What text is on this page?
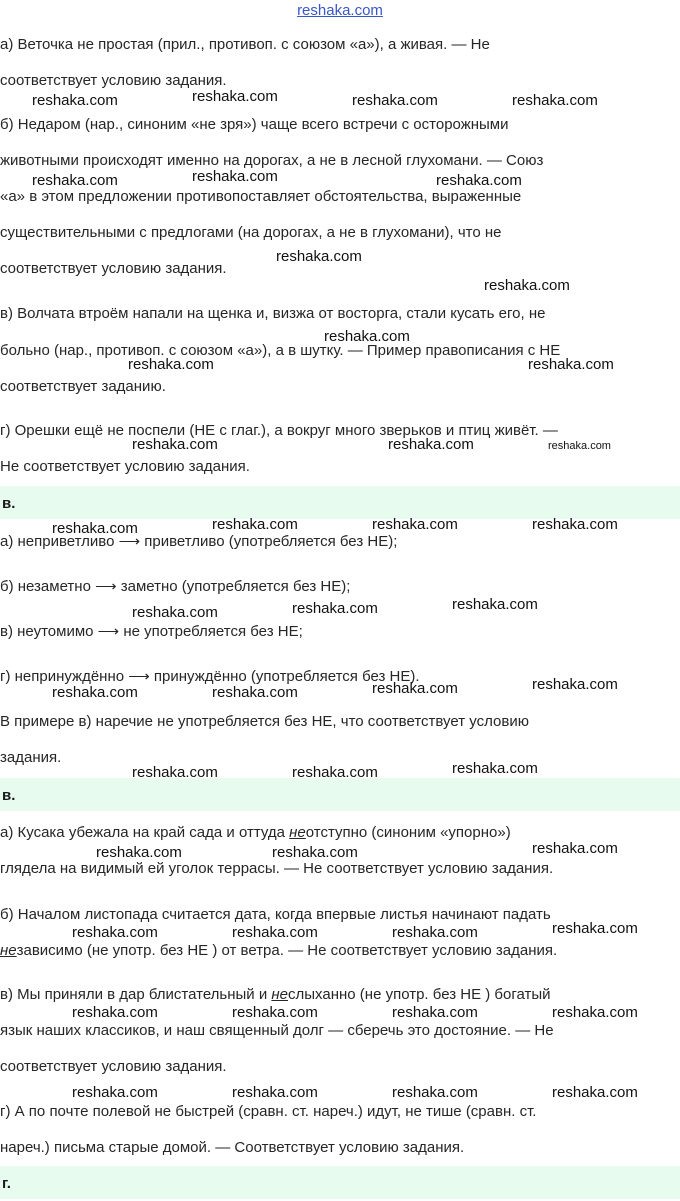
reshaka.com
а) Веточка не простая (прил., противоп. с союзом «а»), а живая. — Не
соответствует условию задания.
б) Недаром (нар., синоним «не зря») чаще всего встречи с осторожными
животными происходят именно на дорогах, а не в лесной глухомани. — Союз
«а» в этом предложении противопоставляет обстоятельства, выраженные
существительными с предлогами (на дорогах, а не в глухомани), что не
соответствует условию задания.
в) Волчата втроём напали на щенка и, визжа от восторга, стали кусать его, не
больно (нар., противоп. с союзом «а»), а в шутку. — Пример правописания с НЕ
соответствует заданию.
г) Орешки ещё не поспели (НЕ с глаг.), а вокруг много зверьков и птиц живёт. —
Не соответствует условию задания.
в.
а) неприветливо ⟶ приветливо (употребляется без НЕ);
б) незаметно ⟶ заметно (употребляется без НЕ);
в) неутомимо ⟶ не употребляется без НЕ;
г) непринуждённо ⟶ принуждённо (употребляется без НЕ).
В примере в) наречие не употребляется без НЕ, что соответствует условию
задания.
в.
а) Кусака убежала на край сада и оттуда неотступно (синоним «упорно»)
глядела на видимый ей уголок террасы. — Не соответствует условию задания.
б) Началом листопада считается дата, когда впервые листья начинают падать
независимо (не употр. без НЕ ) от ветра. — Не соответствует условию задания.
в) Мы приняли в дар блистательный и неслыханно (не употр. без НЕ ) богатый
язык наших классиков, и наш священный долг — сберечь это достояние. — Не
соответствует условию задания.
г) А по почте полевой не быстрей (сравн. ст. нареч.) идут, не тише (сравн. ст.
нареч.) письма старые домой. — Соответствует условию задания.
г.
reshaka.com	reshaka.com	reshaka.com	reshaka.com
reshaka.com	reshaka.com	reshaka.com
reshaka.com
reshaka.com
reshaka.com
reshaka.com	reshaka.com
reshaka.com	reshaka.com	reshaka.com
reshaka.com	reshaka.com	reshaka.com	reshaka.com
reshaka.com	reshaka.com	reshaka.com
reshaka.com	reshaka.com	reshaka.com	reshaka.com
reshaka.com	reshaka.com	reshaka.com
reshaka.com	reshaka.com	reshaka.com
reshaka.com	reshaka.com	reshaka.com	reshaka.com
reshaka.com	reshaka.com	reshaka.com	reshaka.com
reshaka.com	reshaka.com	reshaka.com	reshaka.com
